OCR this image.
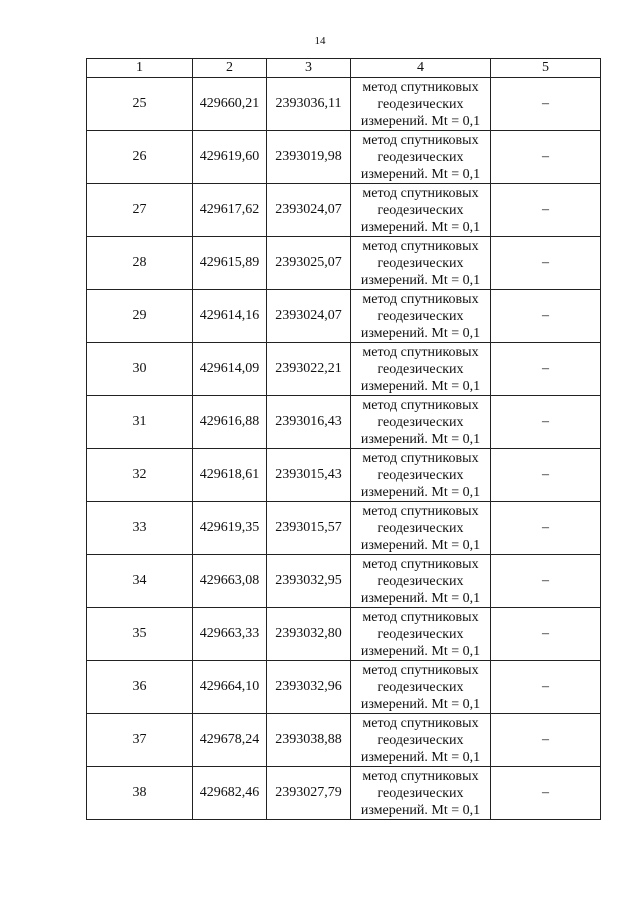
14
1	2	3	4	5
25	429660,21	2393036,11	метод спутниковых
геодезических
измерений. Mt = 0,1	–
26	429619,60	2393019,98	метод спутниковых
геодезических
измерений. Mt = 0,1	–
27	429617,62	2393024,07	метод спутниковых
геодезических
измерений. Mt = 0,1	–
28	429615,89	2393025,07	метод спутниковых
геодезических
измерений. Mt = 0,1	–
29	429614,16	2393024,07	метод спутниковых
геодезических
измерений. Mt = 0,1	–
30	429614,09	2393022,21	метод спутниковых
геодезических
измерений. Mt = 0,1	–
31	429616,88	2393016,43	метод спутниковых
геодезических
измерений. Mt = 0,1	–
32	429618,61	2393015,43	метод спутниковых
геодезических
измерений. Mt = 0,1	–
33	429619,35	2393015,57	метод спутниковых
геодезических
измерений. Mt = 0,1	–
34	429663,08	2393032,95	метод спутниковых
геодезических
измерений. Mt = 0,1	–
35	429663,33	2393032,80	метод спутниковых
геодезических
измерений. Mt = 0,1	–
36	429664,10	2393032,96	метод спутниковых
геодезических
измерений. Mt = 0,1	–
37	429678,24	2393038,88	метод спутниковых
геодезических
измерений. Mt = 0,1	–
38	429682,46	2393027,79	метод спутниковых
геодезических
измерений. Mt = 0,1	–
